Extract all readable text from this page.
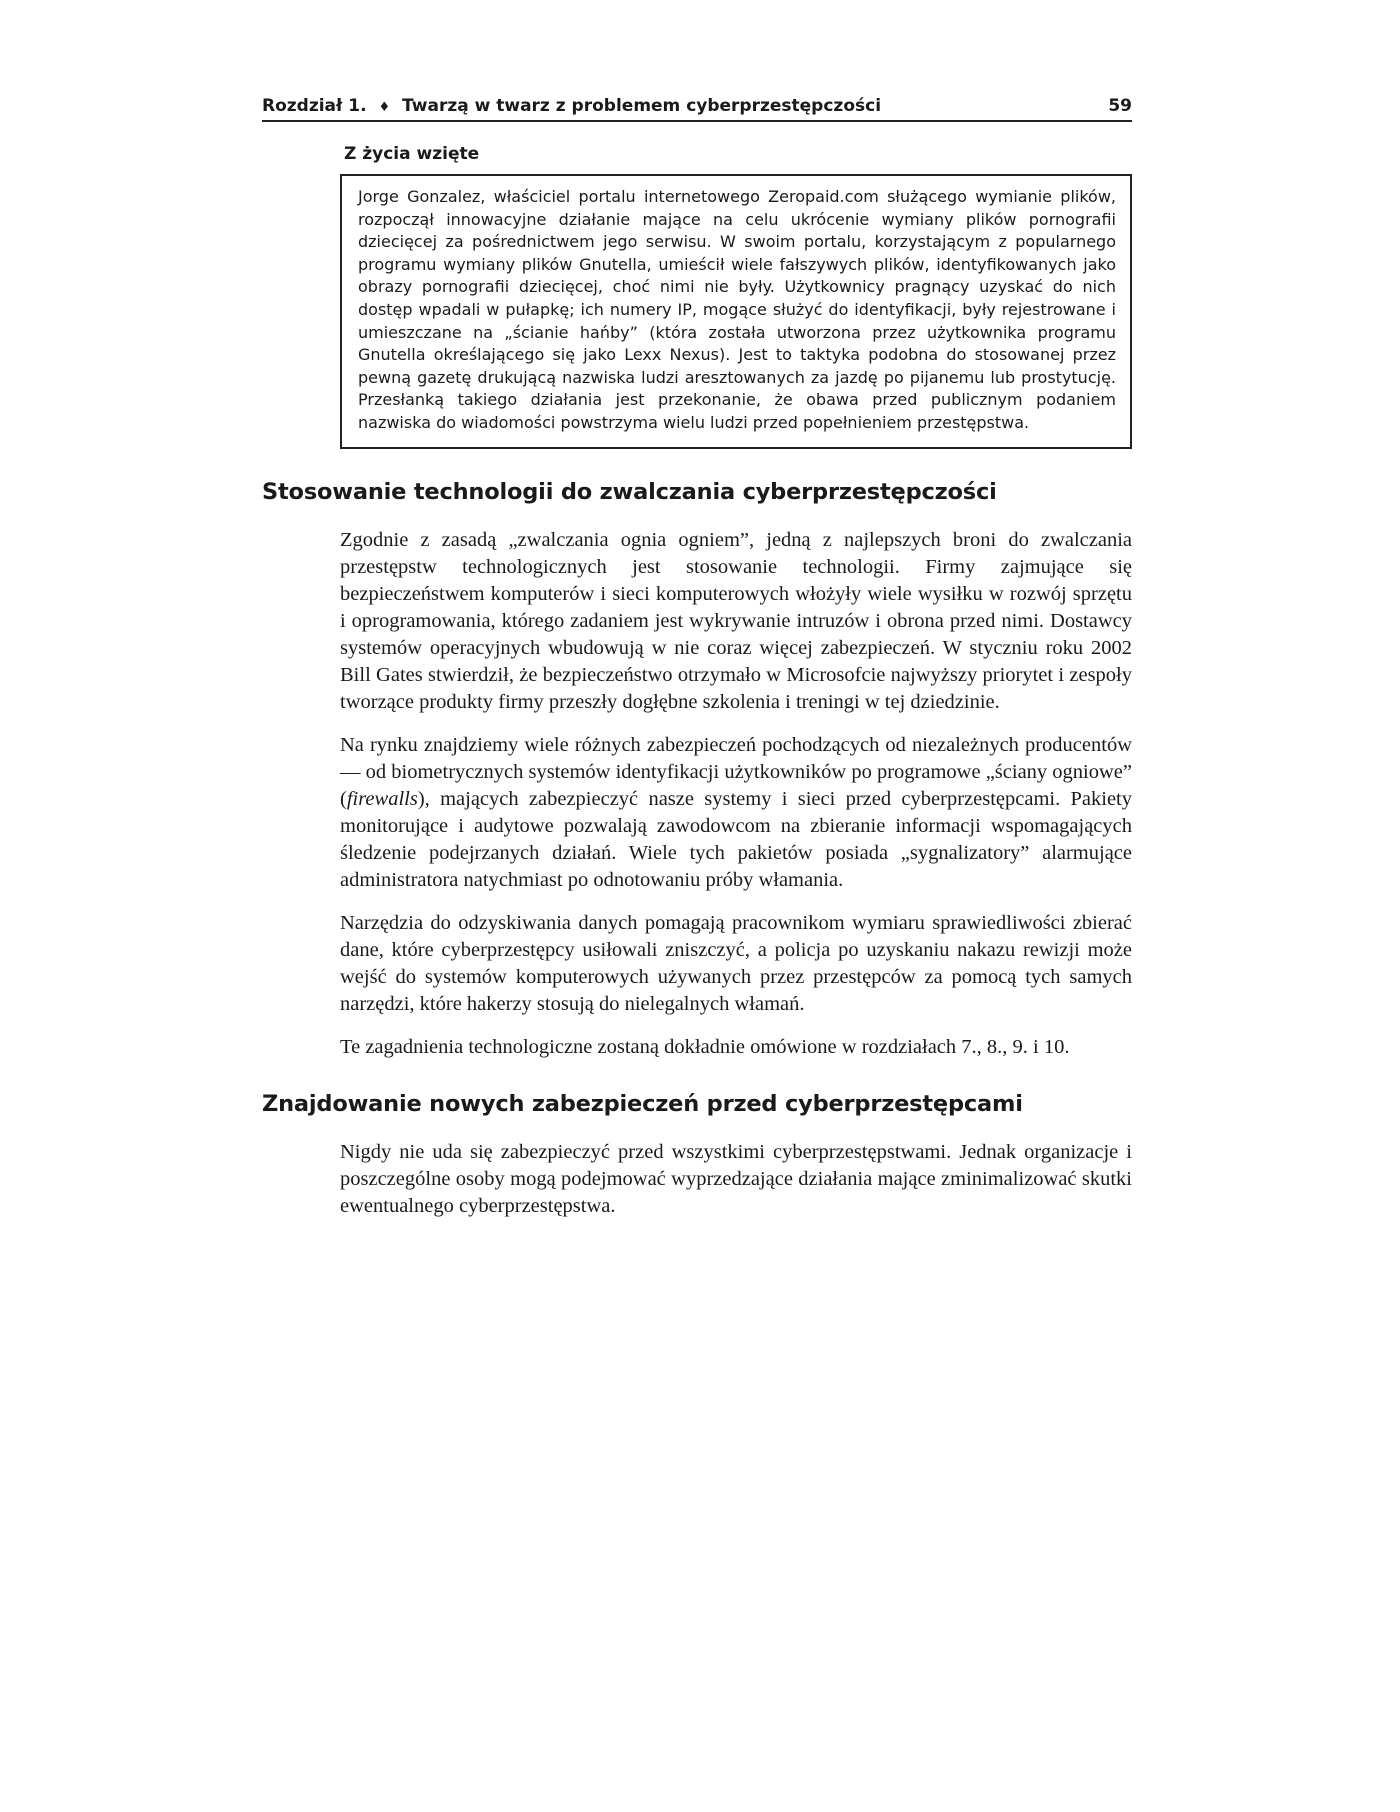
Rozdział 1. ♦ Twarzą w twarz z problemem cyberprzestępczości	59
Z życia wzięte
Jorge Gonzalez, właściciel portalu internetowego Zeropaid.com służącego wymianie plików, rozpoczął innowacyjne działanie mające na celu ukrócenie wymiany plików pornografii dziecięcej za pośrednictwem jego serwisu. W swoim portalu, korzystającym z popularnego programu wymiany plików Gnutella, umieścił wiele fałszywych plików, identyfikowanych jako obrazy pornografii dziecięcej, choć nimi nie były. Użytkownicy pragnący uzyskać do nich dostęp wpadali w pułapkę; ich numery IP, mogące służyć do identyfikacji, były rejestrowane i umieszczane na „ścianie hańby” (która została utworzona przez użytkownika programu Gnutella określającego się jako Lexx Nexus). Jest to taktyka podobna do stosowanej przez pewną gazetę drukującą nazwiska ludzi aresztowanych za jazdę po pijanemu lub prostytucję. Przesłanką takiego działania jest przekonanie, że obawa przed publicznym podaniem nazwiska do wiadomości powstrzyma wielu ludzi przed popełnieniem przestępstwa.
Stosowanie technologii do zwalczania cyberprzestępczości

Zgodnie z zasadą „zwalczania ognia ogniem”, jedną z najlepszych broni do zwalczania przestępstw technologicznych jest stosowanie technologii. Firmy zajmujące się bezpieczeństwem komputerów i sieci komputerowych włożyły wiele wysiłku w rozwój sprzętu i oprogramowania, którego zadaniem jest wykrywanie intruzów i obrona przed nimi. Dostawcy systemów operacyjnych wbudowują w nie coraz więcej zabezpieczeń. W styczniu roku 2002 Bill Gates stwierdził, że bezpieczeństwo otrzymało w Microsofcie najwyższy priorytet i zespoły tworzące produkty firmy przeszły dogłębne szkolenia i treningi w tej dziedzinie.

Na rynku znajdziemy wiele różnych zabezpieczeń pochodzących od niezależnych producentów — od biometrycznych systemów identyfikacji użytkowników po programowe „ściany ogniowe” (firewalls), mających zabezpieczyć nasze systemy i sieci przed cyberprzestępcami. Pakiety monitorujące i audytowe pozwalają zawodowcom na zbieranie informacji wspomagających śledzenie podejrzanych działań. Wiele tych pakietów posiada „sygnalizatory” alarmujące administratora natychmiast po odnotowaniu próby włamania.

Narzędzia do odzyskiwania danych pomagają pracownikom wymiaru sprawiedliwości zbierać dane, które cyberprzestępcy usiłowali zniszczyć, a policja po uzyskaniu nakazu rewizji może wejść do systemów komputerowych używanych przez przestępców za pomocą tych samych narzędzi, które hakerzy stosują do nielegalnych włamań.

Te zagadnienia technologiczne zostaną dokładnie omówione w rozdziałach 7., 8., 9. i 10.

Znajdowanie nowych zabezpieczeń przed cyberprzestępcami

Nigdy nie uda się zabezpieczyć przed wszystkimi cyberprzestępstwami. Jednak organizacje i poszczególne osoby mogą podejmować wyprzedzające działania mające zminimalizować skutki ewentualnego cyberprzestępstwa.
